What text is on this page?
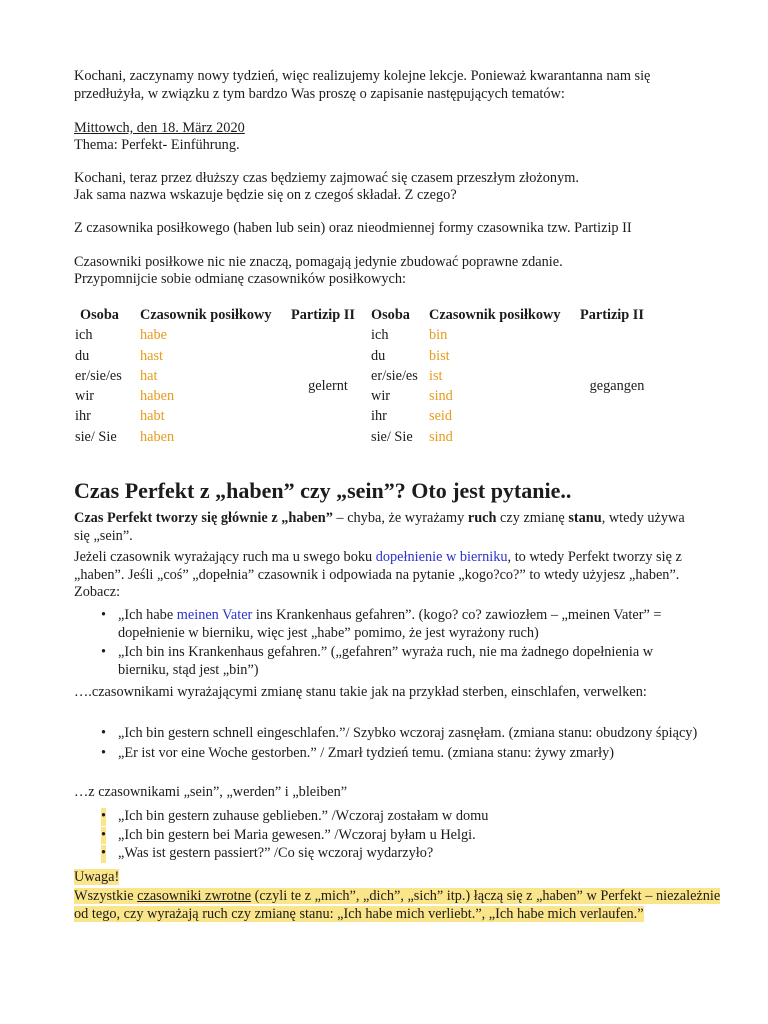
Kochani, zaczynamy nowy tydzień, więc realizujemy kolejne lekcje. Ponieważ kwarantanna nam się przedłużyła, w związku z tym bardzo Was proszę o zapisanie następujących tematów:

Mittowch, den 18. März 2020

Thema: Perfekt- Einführung.

Kochani, teraz przez dłuższy czas będziemy zajmować się czasem przeszłym złożonym.

Jak sama nazwa wskazuje będzie się on z czegoś składał. Z czego?

Z czasownika posiłkowego (haben lub sein) oraz nieodmiennej formy czasownika tzw. Partizip II

Czasowniki posiłkowe nic nie znaczą, pomagają jedynie zbudować poprawne zdanie.

Przypomnijcie sobie odmianę czasowników posiłkowych:

Osoba	Czasownik posiłkowy	Partizip II	Osoba	Czasownik posiłkowy	Partizip II
ich	habe	gelernt	ich	bin	gegangen
du	hast		du	bist	
er/sie/es	hat		er/sie/es	ist	
wir	haben		wir	sind	
ihr	habt		ihr	seid	
sie/ Sie	haben		sie/ Sie	sind	
Czas Perfekt z „haben” czy „sein”? Oto jest pytanie..

Czas Perfekt tworzy się głównie z „haben” – chyba, że wyrażamy ruch czy zmianę stanu, wtedy używa się „sein”.

Jeżeli czasownik wyrażający ruch ma u swego boku dopełnienie w bierniku, to wtedy Perfekt tworzy się z „haben”. Jeśli „coś” „dopełnia” czasownik i odpowiada na pytanie „kogo?co?” to wtedy użyjesz „haben”. Zobacz:

• „Ich habe meinen Vater ins Krankenhaus gefahren”. (kogo? co? zawiozłem – „meinen Vater” = dopełnienie w bierniku, więc jest „habe” pomimo, że jest wyrażony ruch)
• „Ich bin ins Krankenhaus gefahren.” („gefahren” wyraża ruch, nie ma żadnego dopełnienia w bierniku, stąd jest „bin”)

….czasownikami wyrażającymi zmianę stanu takie jak na przykład sterben, einschlafen, verwelken:

• „Ich bin gestern schnell eingeschlafen.”/ Szybko wczoraj zasnęłam. (zmiana stanu: obudzony śpiący)
• „Er ist vor eine Woche gestorben.” / Zmarł tydzień temu. (zmiana stanu: żywy zmarły)

…z czasownikami „sein”, „werden” i „bleiben”

• „Ich bin gestern zuhause geblieben.” /Wczoraj zostałam w domu
• „Ich bin gestern bei Maria gewesen.” /Wczoraj byłam u Helgi.
• „Was ist gestern passiert?” /Co się wczoraj wydarzyło?

Uwaga!
Wszystkie czasowniki zwrotne (czyli te z „mich”, „dich”, „sich” itp.) łączą się z „haben” w Perfekt – niezależnie od tego, czy wyrażają ruch czy zmianę stanu: „Ich habe mich verliebt.”, „Ich habe mich verlaufen.”
